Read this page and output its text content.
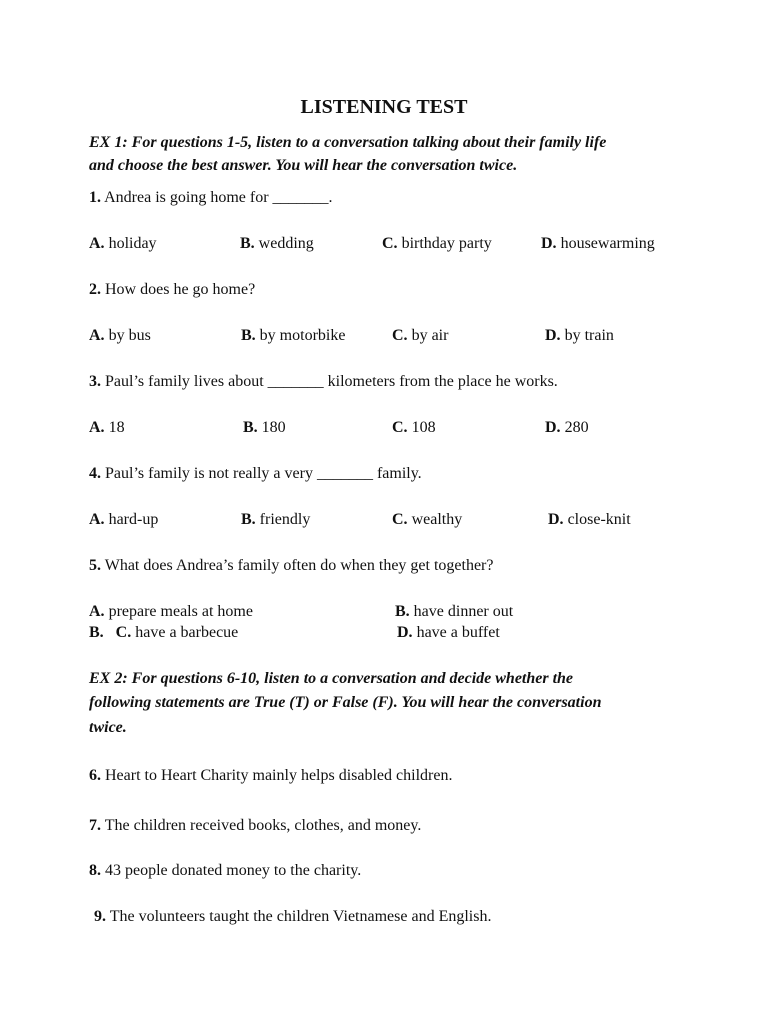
LISTENING TEST
EX 1: For questions 1-5, listen to a conversation talking about their family life
and choose the best answer. You will hear the conversation twice.
1. Andrea is going home for _______.
A. holiday	B. wedding	C. birthday party	D. housewarming
2. How does he go home?
A. by bus	B. by motorbike	C. by air	D. by train
3. Paul’s family lives about _______ kilometers from the place he works.
A. 18	B. 180	C. 108	D. 280
4. Paul’s family is not really a very _______ family.
A. hard-up	B. friendly	C. wealthy	D. close-knit
5. What does Andrea’s family often do when they get together?
A. prepare meals at home	B. have dinner out
B.   C. have a barbecue	D. have a buffet
EX 2: For questions 6-10, listen to a conversation and decide whether the
following statements are True (T) or False (F). You will hear the conversation
twice.
6. Heart to Heart Charity mainly helps disabled children.
7. The children received books, clothes, and money.
8. 43 people donated money to the charity.
9. The volunteers taught the children Vietnamese and English.
